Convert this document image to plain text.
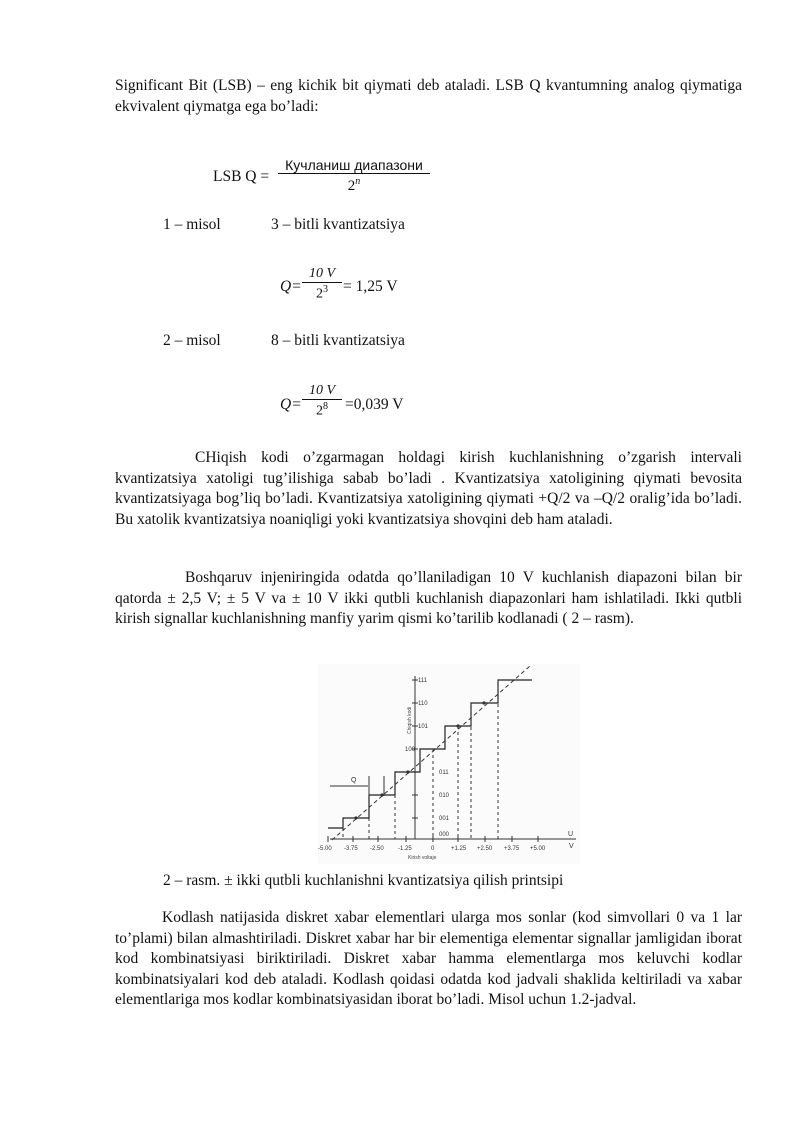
Significant Bit (LSB) – eng kichik bit qiymati deb ataladi. LSB Q kvantumning analog qiymatiga ekvivalent qiymatga ega bo’ladi:
LSB Q =
Кучланиш диапазони
2$^n$
1 – misol	3 – bitli kvantizatsiya
$Q= \frac{10 V}{2^3} = 1,25$ V
2 – misol	8 – bitli kvantizatsiya
$Q= \frac{10 V}{2^8} =0,039$ V
CHiqish kodi o’zgarmagan holdagi kirish kuchlanishning o’zgarish intervali kvantizatsiya xatoligi tug’ilishiga sabab bo’ladi . Kvantizatsiya xatoligining qiymati bevosita kvantizatsiyaga bog’liq bo’ladi. Kvantizatsiya xatoligining qiymati +Q/2 va –Q/2 oralig’ida bo’ladi. Bu xatolik kvantizatsiya noaniqligi yoki kvantizatsiya shovqini deb ham ataladi.
Boshqaruv injeniringida odatda qo’llaniladigan 10 V kuchlanish diapazoni bilan bir qatorda ± 2,5 V; ± 5 V va ± 10 V ikki qutbli kuchlanish diapazonlari ham ishlatiladi. Ikki qutbli kirish signallar kuchlanishning manfiy yarim qismi ko’tarilib kodlanadi ( 2 – rasm).
Q
111
110
101
100
011
010
001
000
Chiqish kodi
-5.00 -3.75 -2.50 -1.25	0	+1.25 +2.50 +3.75 +5.00
Kirish voltaje
U
V
2 – rasm. ± ikki qutbli kuchlanishni kvantizatsiya qilish printsipi
Kodlash natijasida diskret xabar elementlari ularga mos sonlar (kod simvollari 0 va 1 lar to’plami) bilan almashtiriladi. Diskret xabar har bir elementiga elementar signallar jamligidan iborat kod kombinatsiyasi biriktiriladi. Diskret xabar hamma elementlarga mos keluvchi kodlar kombinatsiyalari kod deb ataladi. Kodlash qoidasi odatda kod jadvali shaklida keltiriladi va xabar elementlariga mos kodlar kombinatsiyasidan iborat bo’ladi. Misol uchun 1.2-jadval.
